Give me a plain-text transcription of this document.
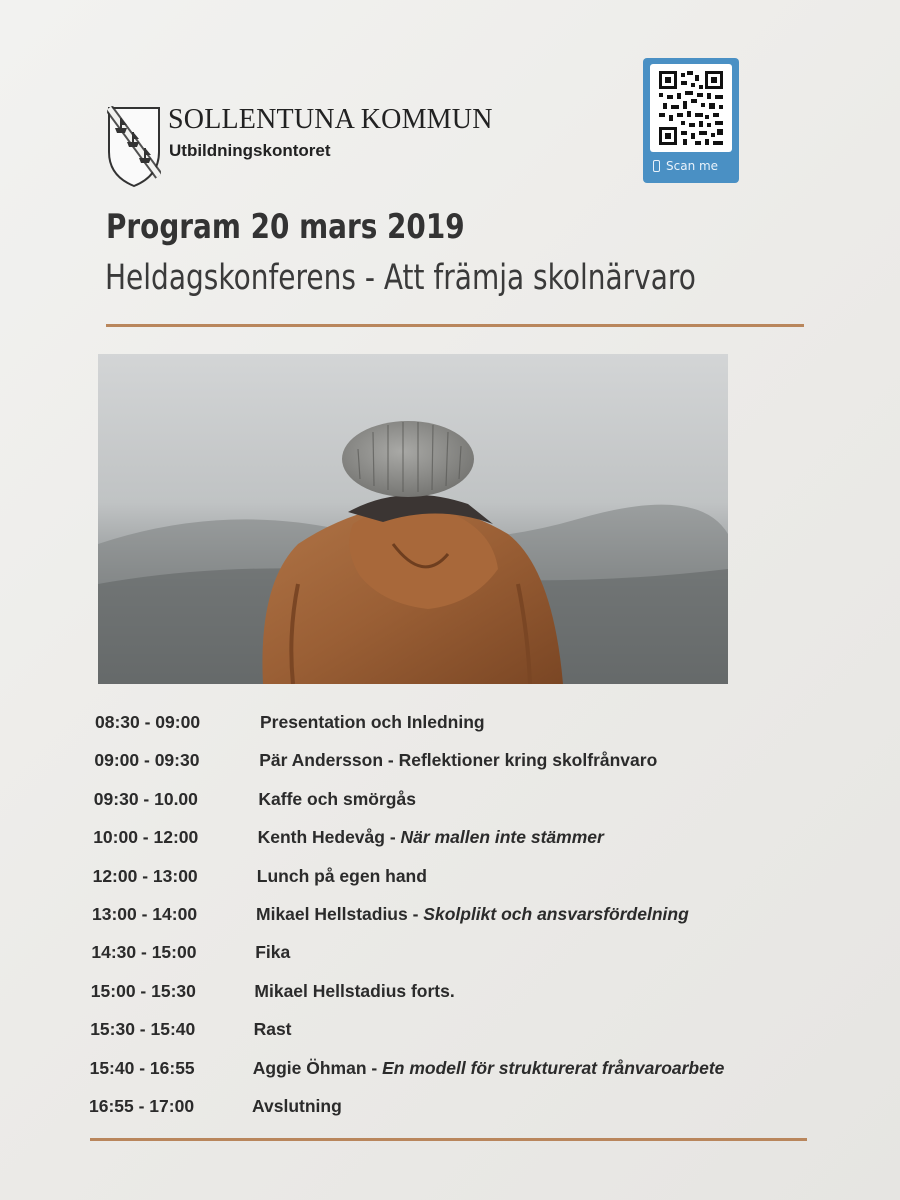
SOLLENTUNA KOMMUN
Utbildningskontoret
Scan me
Program 20 mars 2019
Heldagskonferens - Att främja skolnärvaro
08:30 - 09:00	Presentation och Inledning
09:00 - 09:30	Pär Andersson - Reflektioner kring skolfrånvaro
09:30 - 10.00	Kaffe och smörgås
10:00 - 12:00	Kenth Hedevåg - När mallen inte stämmer
12:00 - 13:00	Lunch på egen hand
13:00 - 14:00	Mikael Hellstadius - Skolplikt och ansvarsfördelning
14:30 - 15:00	Fika
15:00 - 15:30	Mikael Hellstadius forts.
15:30 - 15:40	Rast
15:40 - 16:55	Aggie Öhman - En modell för strukturerat frånvaroarbete
16:55 - 17:00	Avslutning
